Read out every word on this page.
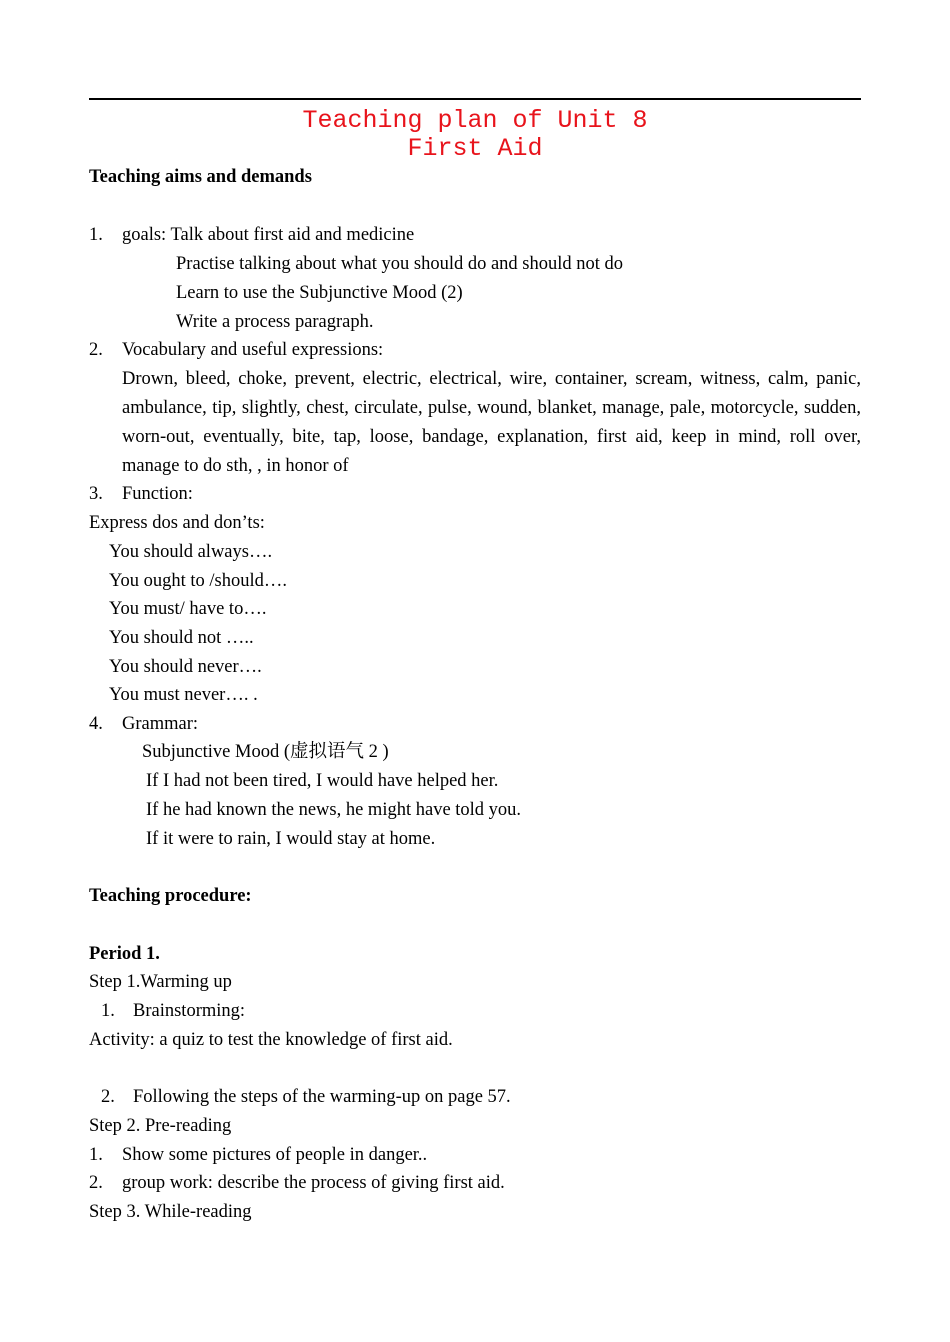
Teaching plan of Unit 8
First Aid
Teaching aims and demands
1. goals: Talk about first aid and medicine
Practise talking about what you should do and should not do
Learn to use the Subjunctive Mood (2)
Write a process paragraph.
2. Vocabulary and useful expressions:
Drown, bleed, choke, prevent, electric, electrical, wire, container, scream, witness, calm, panic, ambulance, tip, slightly, chest, circulate, pulse, wound, blanket, manage, pale, motorcycle, sudden, worn-out, eventually, bite, tap, loose, bandage, explanation, first aid, keep in mind, roll over, manage to do sth, , in honor of
3. Function:
Express dos and don’ts:
You should always….
You ought to /should….
You must/ have to….
You should not …..
You should never….
You must never…. .
4. Grammar:
Subjunctive Mood (虚拟语气 2 )
If I had not been tired, I would have helped her.
If he had known the news, he might have told you.
If it were to rain, I would stay at home.
Teaching procedure:
Period 1.
Step 1.Warming up
1. Brainstorming:
Activity: a quiz to test the knowledge of first aid.
2. Following the steps of the warming-up on page 57.
Step 2. Pre-reading
1. Show some pictures of people in danger..
2. group work: describe the process of giving first aid.
Step 3. While-reading
